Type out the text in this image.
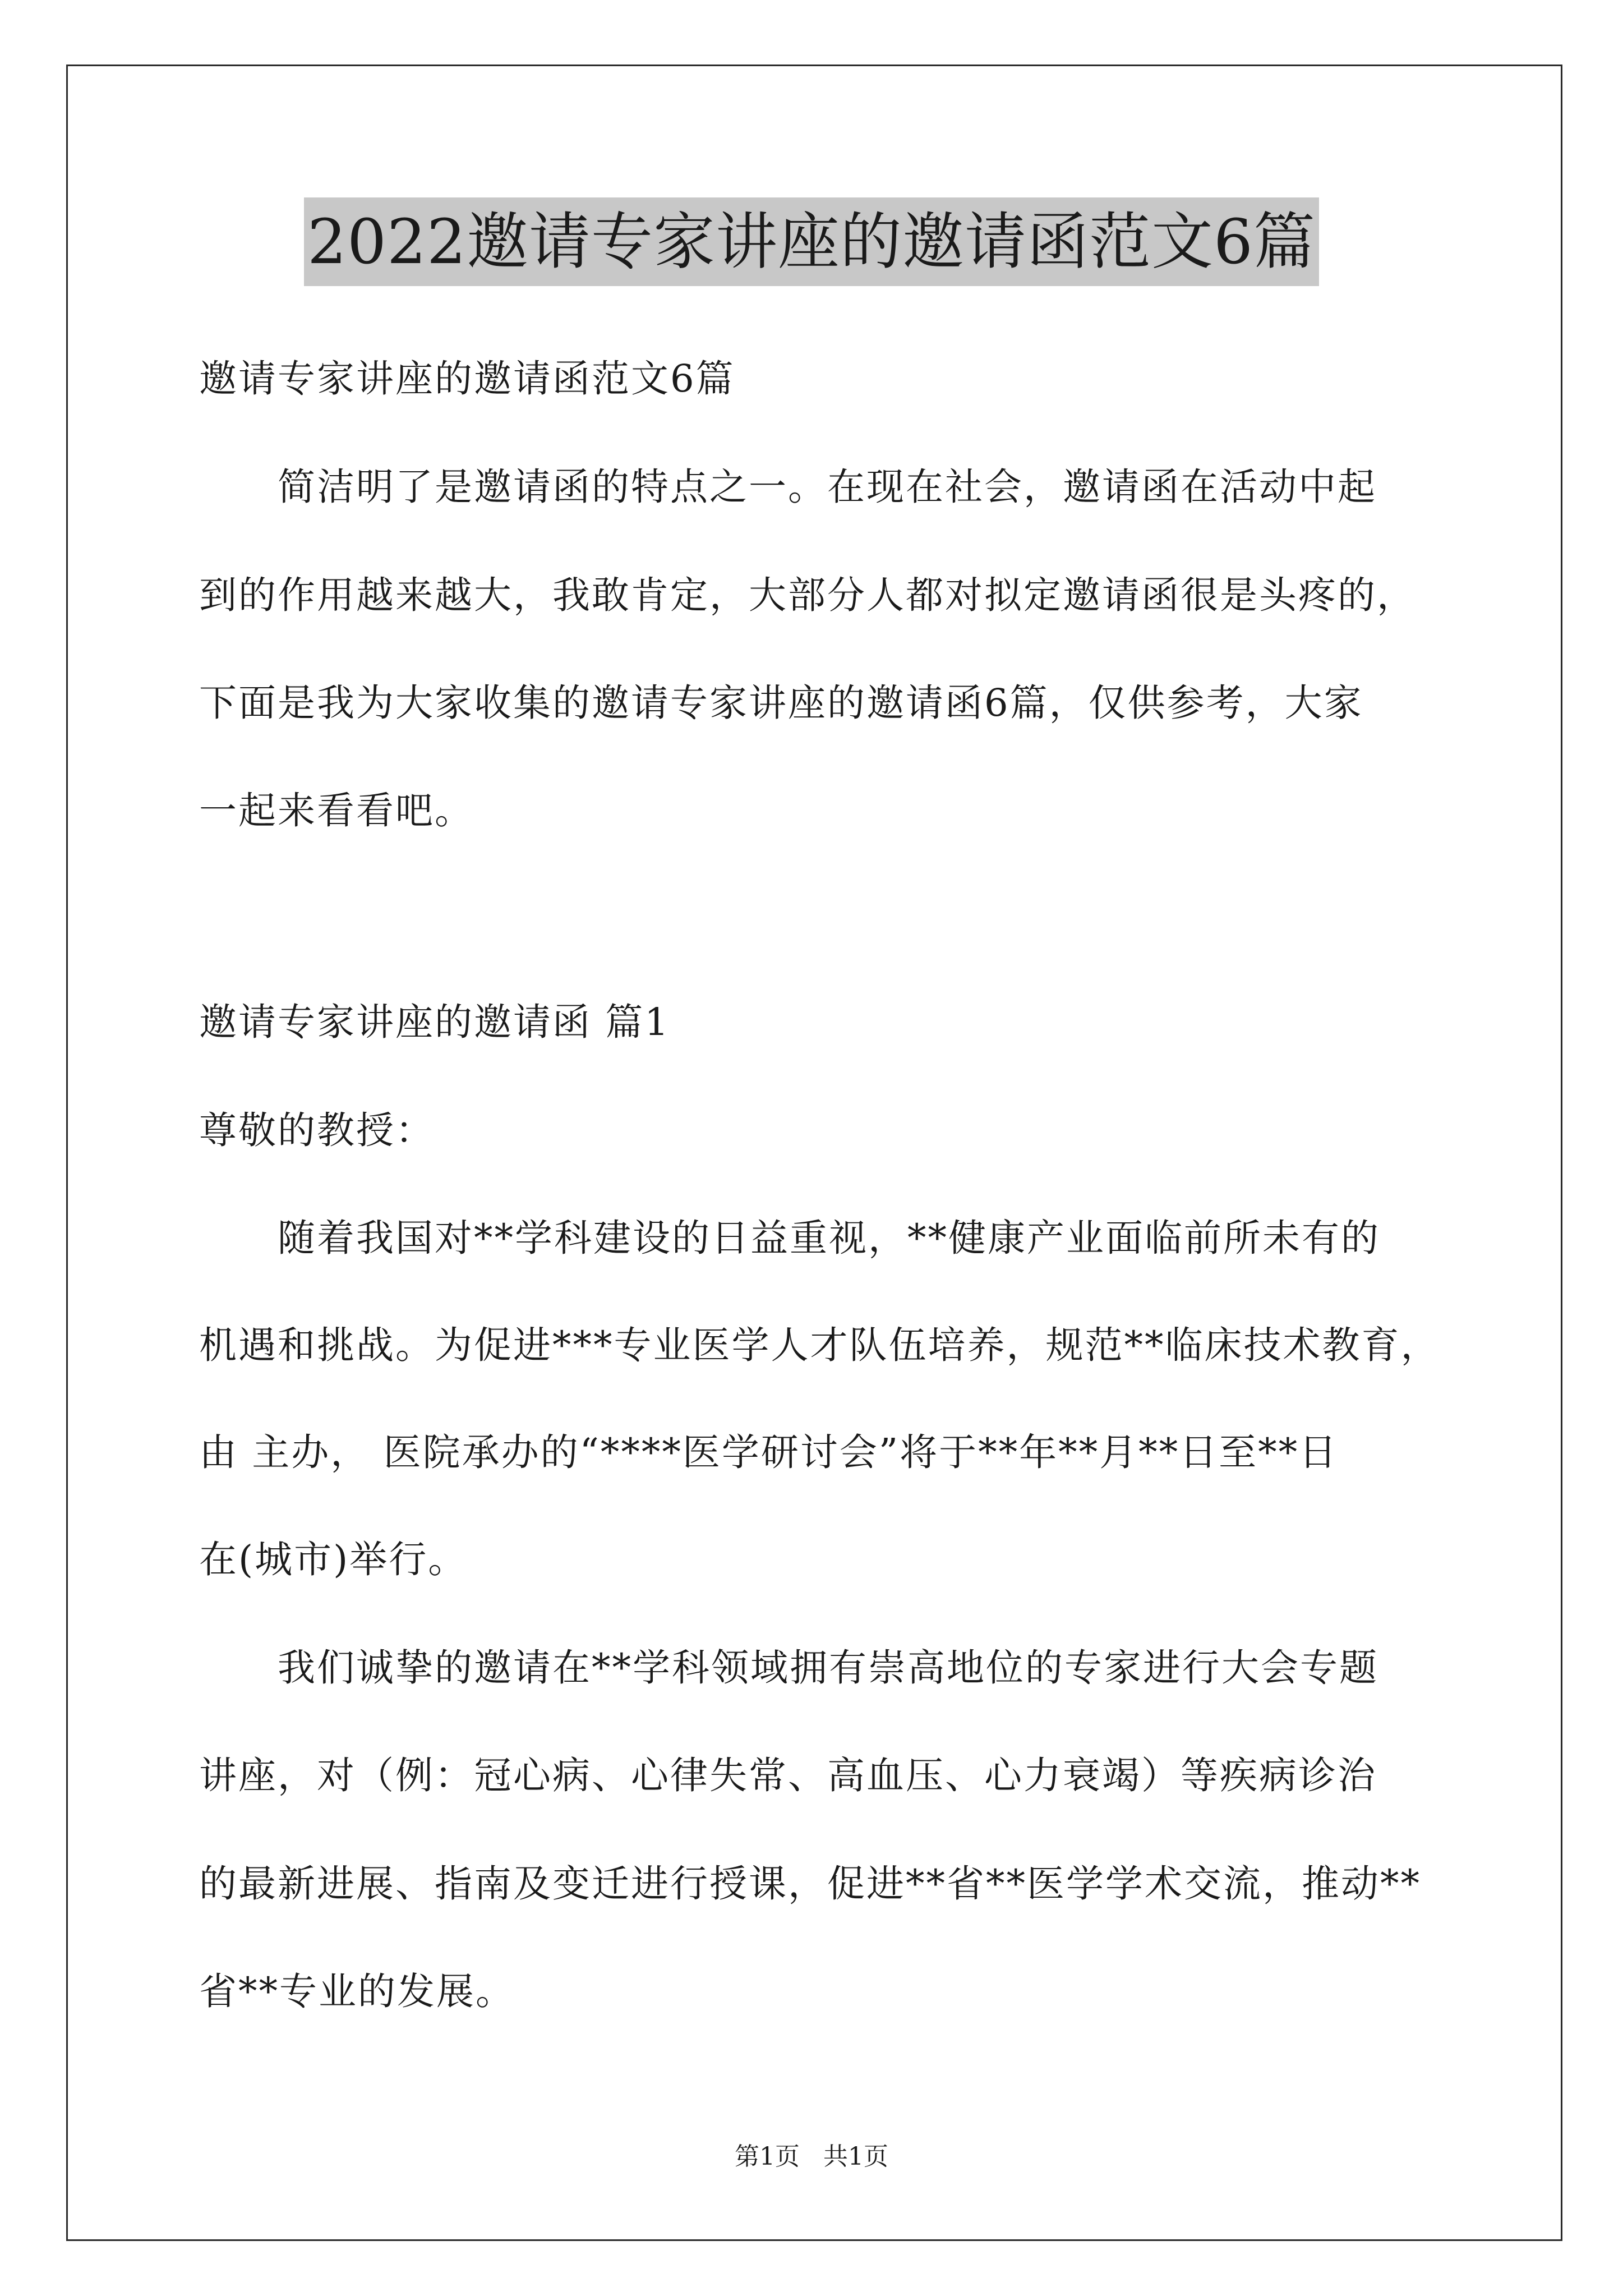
2022邀请专家讲座的邀请函范文6篇
邀请专家讲座的邀请函范文6篇
　　简洁明了是邀请函的特点之一。在现在社会，邀请函在活动中起
到的作用越来越大，我敢肯定，大部分人都对拟定邀请函很是头疼的，
下面是我为大家收集的邀请专家讲座的邀请函6篇，仅供参考，大家
一起来看看吧。
邀请专家讲座的邀请函 篇1
尊敬的教授：
　　随着我国对**学科建设的日益重视，**健康产业面临前所未有的
机遇和挑战。为促进***专业医学人才队伍培养，规范**临床技术教育，
由 主办， 医院承办的“****医学研讨会”将于**年**月**日至**日
在(城市)举行。
　　我们诚挚的邀请在**学科领域拥有崇高地位的专家进行大会专题
讲座，对（例：冠心病、心律失常、高血压、心力衰竭）等疾病诊治
的最新进展、指南及变迁进行授课，促进**省**医学学术交流，推动**
省**专业的发展。
第1页   共1页
